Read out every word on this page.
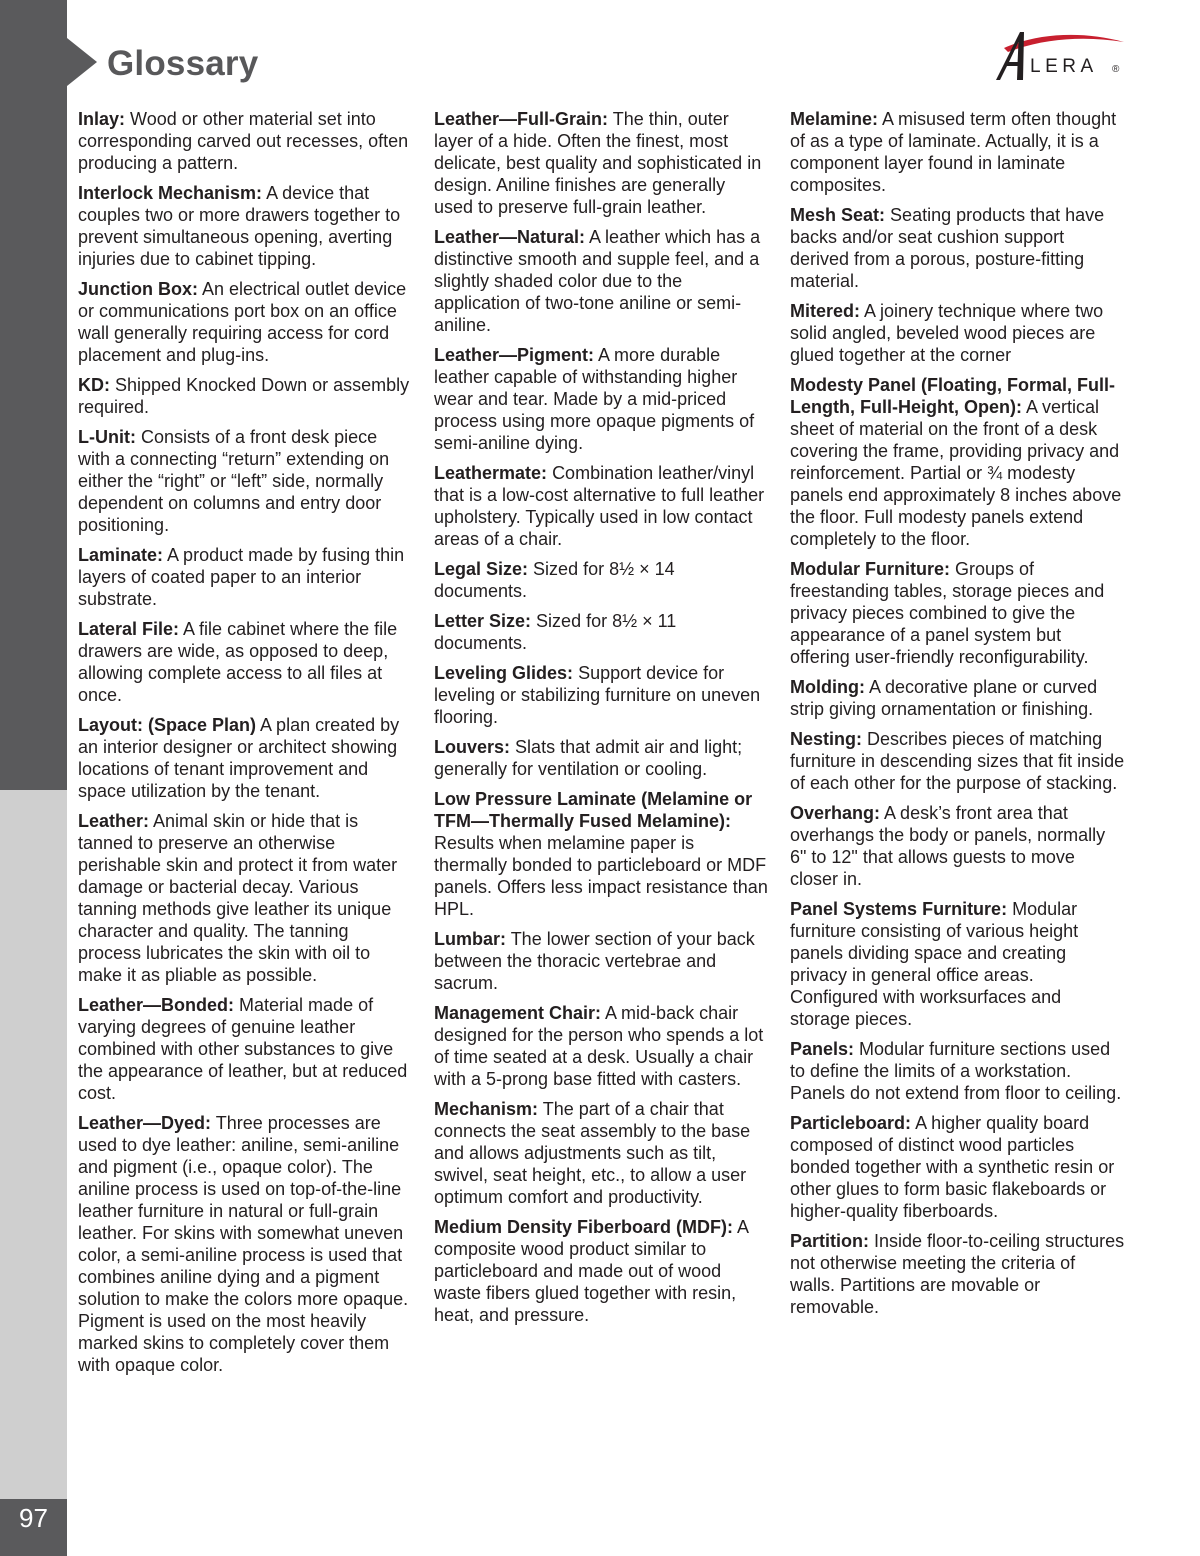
Glossary	LERA ®

Inlay: Wood or other material set into corresponding carved out recesses, often producing a pattern.

Interlock Mechanism: A device that couples two or more drawers together to prevent simultaneous opening, averting injuries due to cabinet tipping.

Junction Box: An electrical outlet device or communications port box on an office wall generally requiring access for cord placement and plug-ins.

KD: Shipped Knocked Down or assembly required.

L-Unit: Consists of a front desk piece with a connecting “return” extending on either the “right” or “left” side, normally dependent on columns and entry door positioning.

Laminate: A product made by fusing thin layers of coated paper to an interior substrate.

Lateral File: A file cabinet where the file drawers are wide, as opposed to deep, allowing complete access to all files at once.

Layout: (Space Plan) A plan created by an interior designer or architect showing locations of tenant improvement and space utilization by the tenant.

Leather: Animal skin or hide that is tanned to preserve an otherwise perishable skin and protect it from water damage or bacterial decay. Various tanning methods give leather its unique character and quality. The tanning process lubricates the skin with oil to make it as pliable as possible.

Leather—Bonded: Material made of varying degrees of genuine leather combined with other substances to give the appearance of leather, but at reduced cost.

Leather—Dyed: Three processes are used to dye leather: aniline, semi-aniline and pigment (i.e., opaque color). The aniline process is used on top-of-the-line leather furniture in natural or full-grain leather. For skins with somewhat uneven color, a semi-aniline process is used that combines aniline dying and a pigment solution to make the colors more opaque. Pigment is used on the most heavily marked skins to completely cover them with opaque color.

Leather—Full-Grain: The thin, outer layer of a hide. Often the finest, most delicate, best quality and sophisticated in design. Aniline finishes are generally used to preserve full-grain leather.

Leather—Natural: A leather which has a distinctive smooth and supple feel, and a slightly shaded color due to the application of two-tone aniline or semi-aniline.

Leather—Pigment: A more durable leather capable of withstanding higher wear and tear. Made by a mid-priced process using more opaque pigments of semi-aniline dying.

Leathermate: Combination leather/vinyl that is a low-cost alternative to full leather upholstery. Typically used in low contact areas of a chair.

Legal Size: Sized for 8½ × 14 documents.

Letter Size: Sized for 8½ × 11 documents.

Leveling Glides: Support device for leveling or stabilizing furniture on uneven flooring.

Louvers: Slats that admit air and light; generally for ventilation or cooling.

Low Pressure Laminate (Melamine or TFM—Thermally Fused Melamine): Results when melamine paper is thermally bonded to particleboard or MDF panels. Offers less impact resistance than HPL.

Lumbar: The lower section of your back between the thoracic vertebrae and sacrum.

Management Chair: A mid-back chair designed for the person who spends a lot of time seated at a desk. Usually a chair with a 5-prong base fitted with casters.

Mechanism: The part of a chair that connects the seat assembly to the base and allows adjustments such as tilt, swivel, seat height, etc., to allow a user optimum comfort and productivity.

Medium Density Fiberboard (MDF): A composite wood product similar to particleboard and made out of wood waste fibers glued together with resin, heat, and pressure.

Melamine: A misused term often thought of as a type of laminate. Actually, it is a component layer found in laminate composites.

Mesh Seat: Seating products that have backs and/or seat cushion support derived from a porous, posture-fitting material.

Mitered: A joinery technique where two solid angled, beveled wood pieces are glued together at the corner

Modesty Panel (Floating, Formal, Full-Length, Full-Height, Open): A vertical sheet of material on the front of a desk covering the frame, providing privacy and reinforcement. Partial or ¾ modesty panels end approximately 8 inches above the floor. Full modesty panels extend completely to the floor.

Modular Furniture: Groups of freestanding tables, storage pieces and privacy pieces combined to give the appearance of a panel system but offering user-friendly reconfigurability.

Molding: A decorative plane or curved strip giving ornamentation or finishing.

Nesting: Describes pieces of matching furniture in descending sizes that fit inside of each other for the purpose of stacking.

Overhang: A desk’s front area that overhangs the body or panels, normally 6" to 12" that allows guests to move closer in.

Panel Systems Furniture: Modular furniture consisting of various height panels dividing space and creating privacy in general office areas. Configured with worksurfaces and storage pieces.

Panels: Modular furniture sections used to define the limits of a workstation. Panels do not extend from floor to ceiling.

Particleboard: A higher quality board composed of distinct wood particles bonded together with a synthetic resin or other glues to form basic flakeboards or higher-quality fiberboards.

Partition: Inside floor-to-ceiling structures not otherwise meeting the criteria of walls. Partitions are movable or removable.

97
